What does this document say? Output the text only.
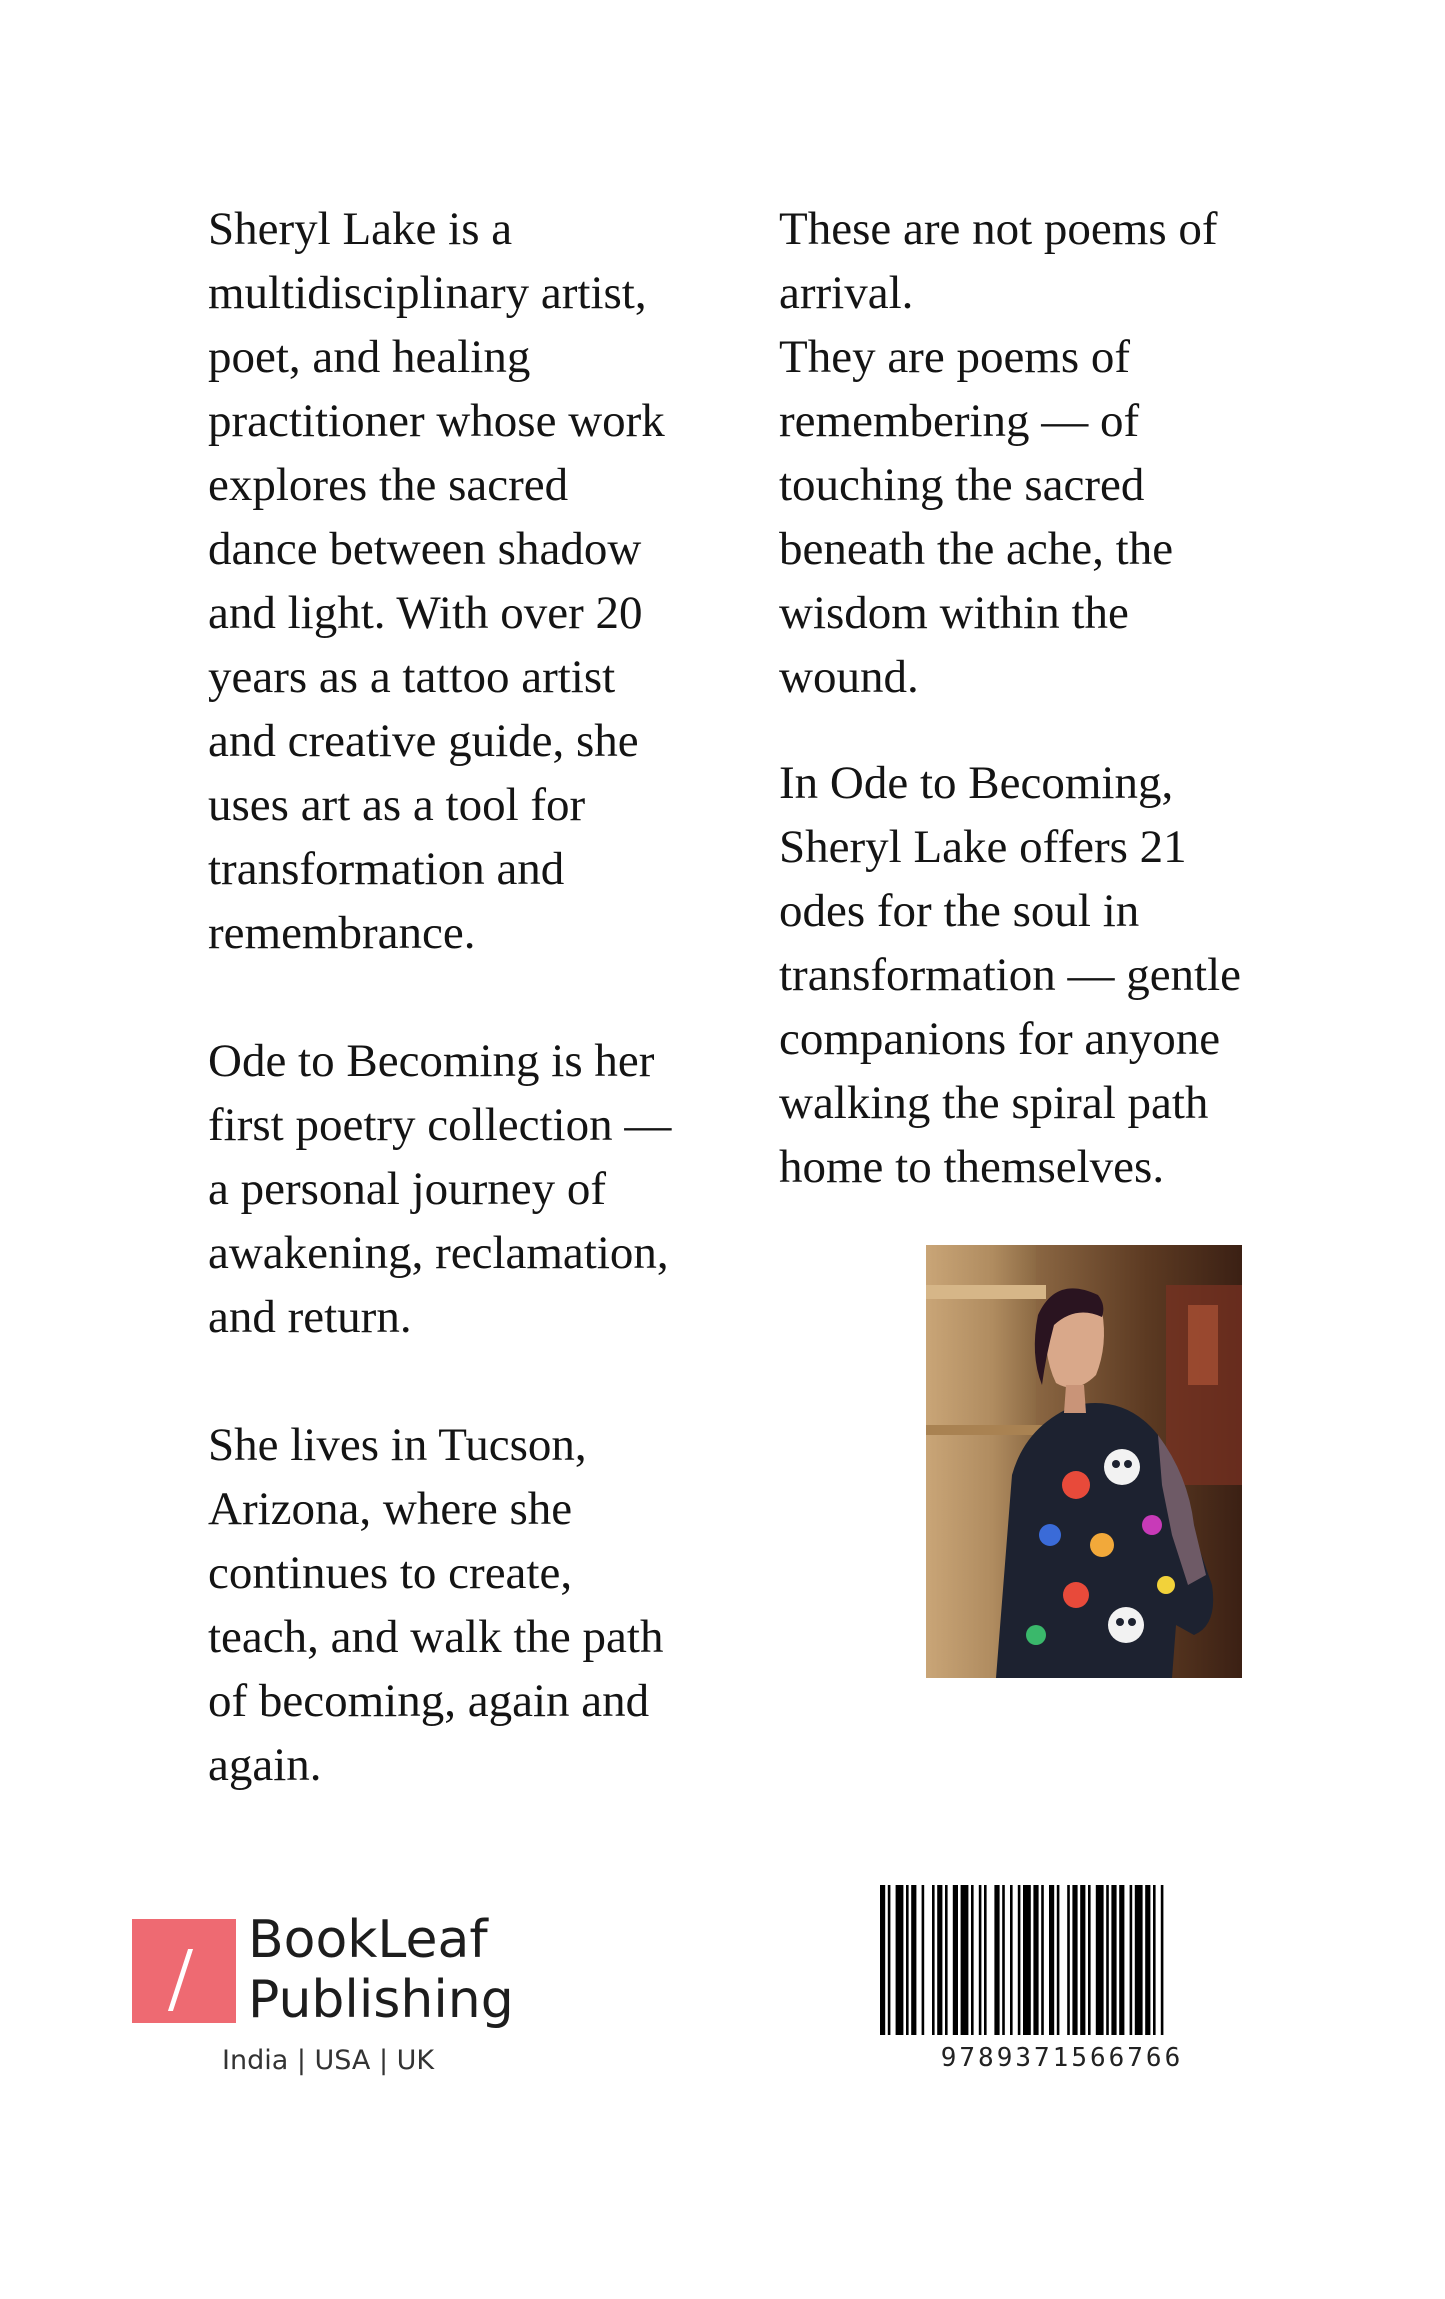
Sheryl Lake is a
multidisciplinary artist,
poet, and healing
practitioner whose work
explores the sacred
dance between shadow
and light. With over 20
years as a tattoo artist
and creative guide, she
uses art as a tool for
transformation and
remembrance.
Ode to Becoming is her
first poetry collection —
a personal journey of
awakening, reclamation,
and return.
She lives in Tucson,
Arizona, where she
continues to create,
teach, and walk the path
of becoming, again and
again.
These are not poems of
arrival.
They are poems of
remembering — of
touching the sacred
beneath the ache, the
wisdom within the
wound.
In Ode to Becoming,
Sheryl Lake offers 21
odes for the soul in
transformation — gentle
companions for anyone
walking the spiral path
home to themselves.
BookLeaf
Publishing
India | USA | UK	9789371566766
